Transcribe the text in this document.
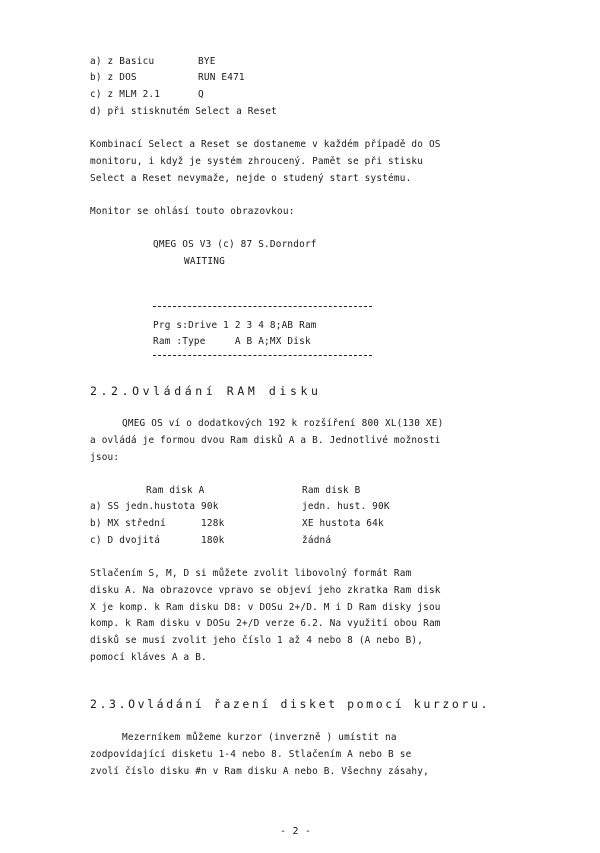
a) z Basicu	BYE
b) z DOS	RUN E471
c) z MLM 2.1	Q
d) při stisknutém Select a Reset
Kombinací Select a Reset se dostaneme v každém případě do OS
monitoru, i když je systém zhroucený. Pamět se při stisku
Select a Reset nevymaže, nejde o studený start systému.
Monitor se ohlásí touto obrazovkou:
QMEG OS V3 (c) 87 S.Dorndorf
WAITING
Prg s:Drive 1 2 3 4 8;AB Ram
Ram :Type     A B A;MX Disk
2.2.Ovládání RAM disku
QMEG OS ví o dodatkových 192 k rozšíření 800 XL(130 XE)
a ovládá je formou dvou Ram disků A a B. Jednotlivé možnosti
jsou:
Ram disk A	Ram disk B
a) SS jedn.hustota 90k	jedn. hust. 90K
b) MX střední      128k	XE hustota 64k
c) D dvojitá       180k	žádná
Stlačením S, M, D si můžete zvolit libovolný formát Ram
disku A. Na obrazovce vpravo se objeví jeho zkratka Ram disk
X je komp. k Ram disku D8: v DOSu 2+/D. M i D Ram disky jsou
komp. k Ram disku v DOSu 2+/D verze 6.2. Na využití obou Ram
disků se musí zvolit jeho číslo 1 až 4 nebo 8 (A nebo B),
pomocí kláves A a B.
2.3.Ovládání řazení disket pomocí kurzoru.
Mezerníkem můžeme kurzor (inverzně ) umístit na
zodpovídající disketu 1-4 nebo 8. Stlačením A nebo B se
zvolí číslo disku #n v Ram disku A nebo B. Všechny zásahy,
- 2 -
